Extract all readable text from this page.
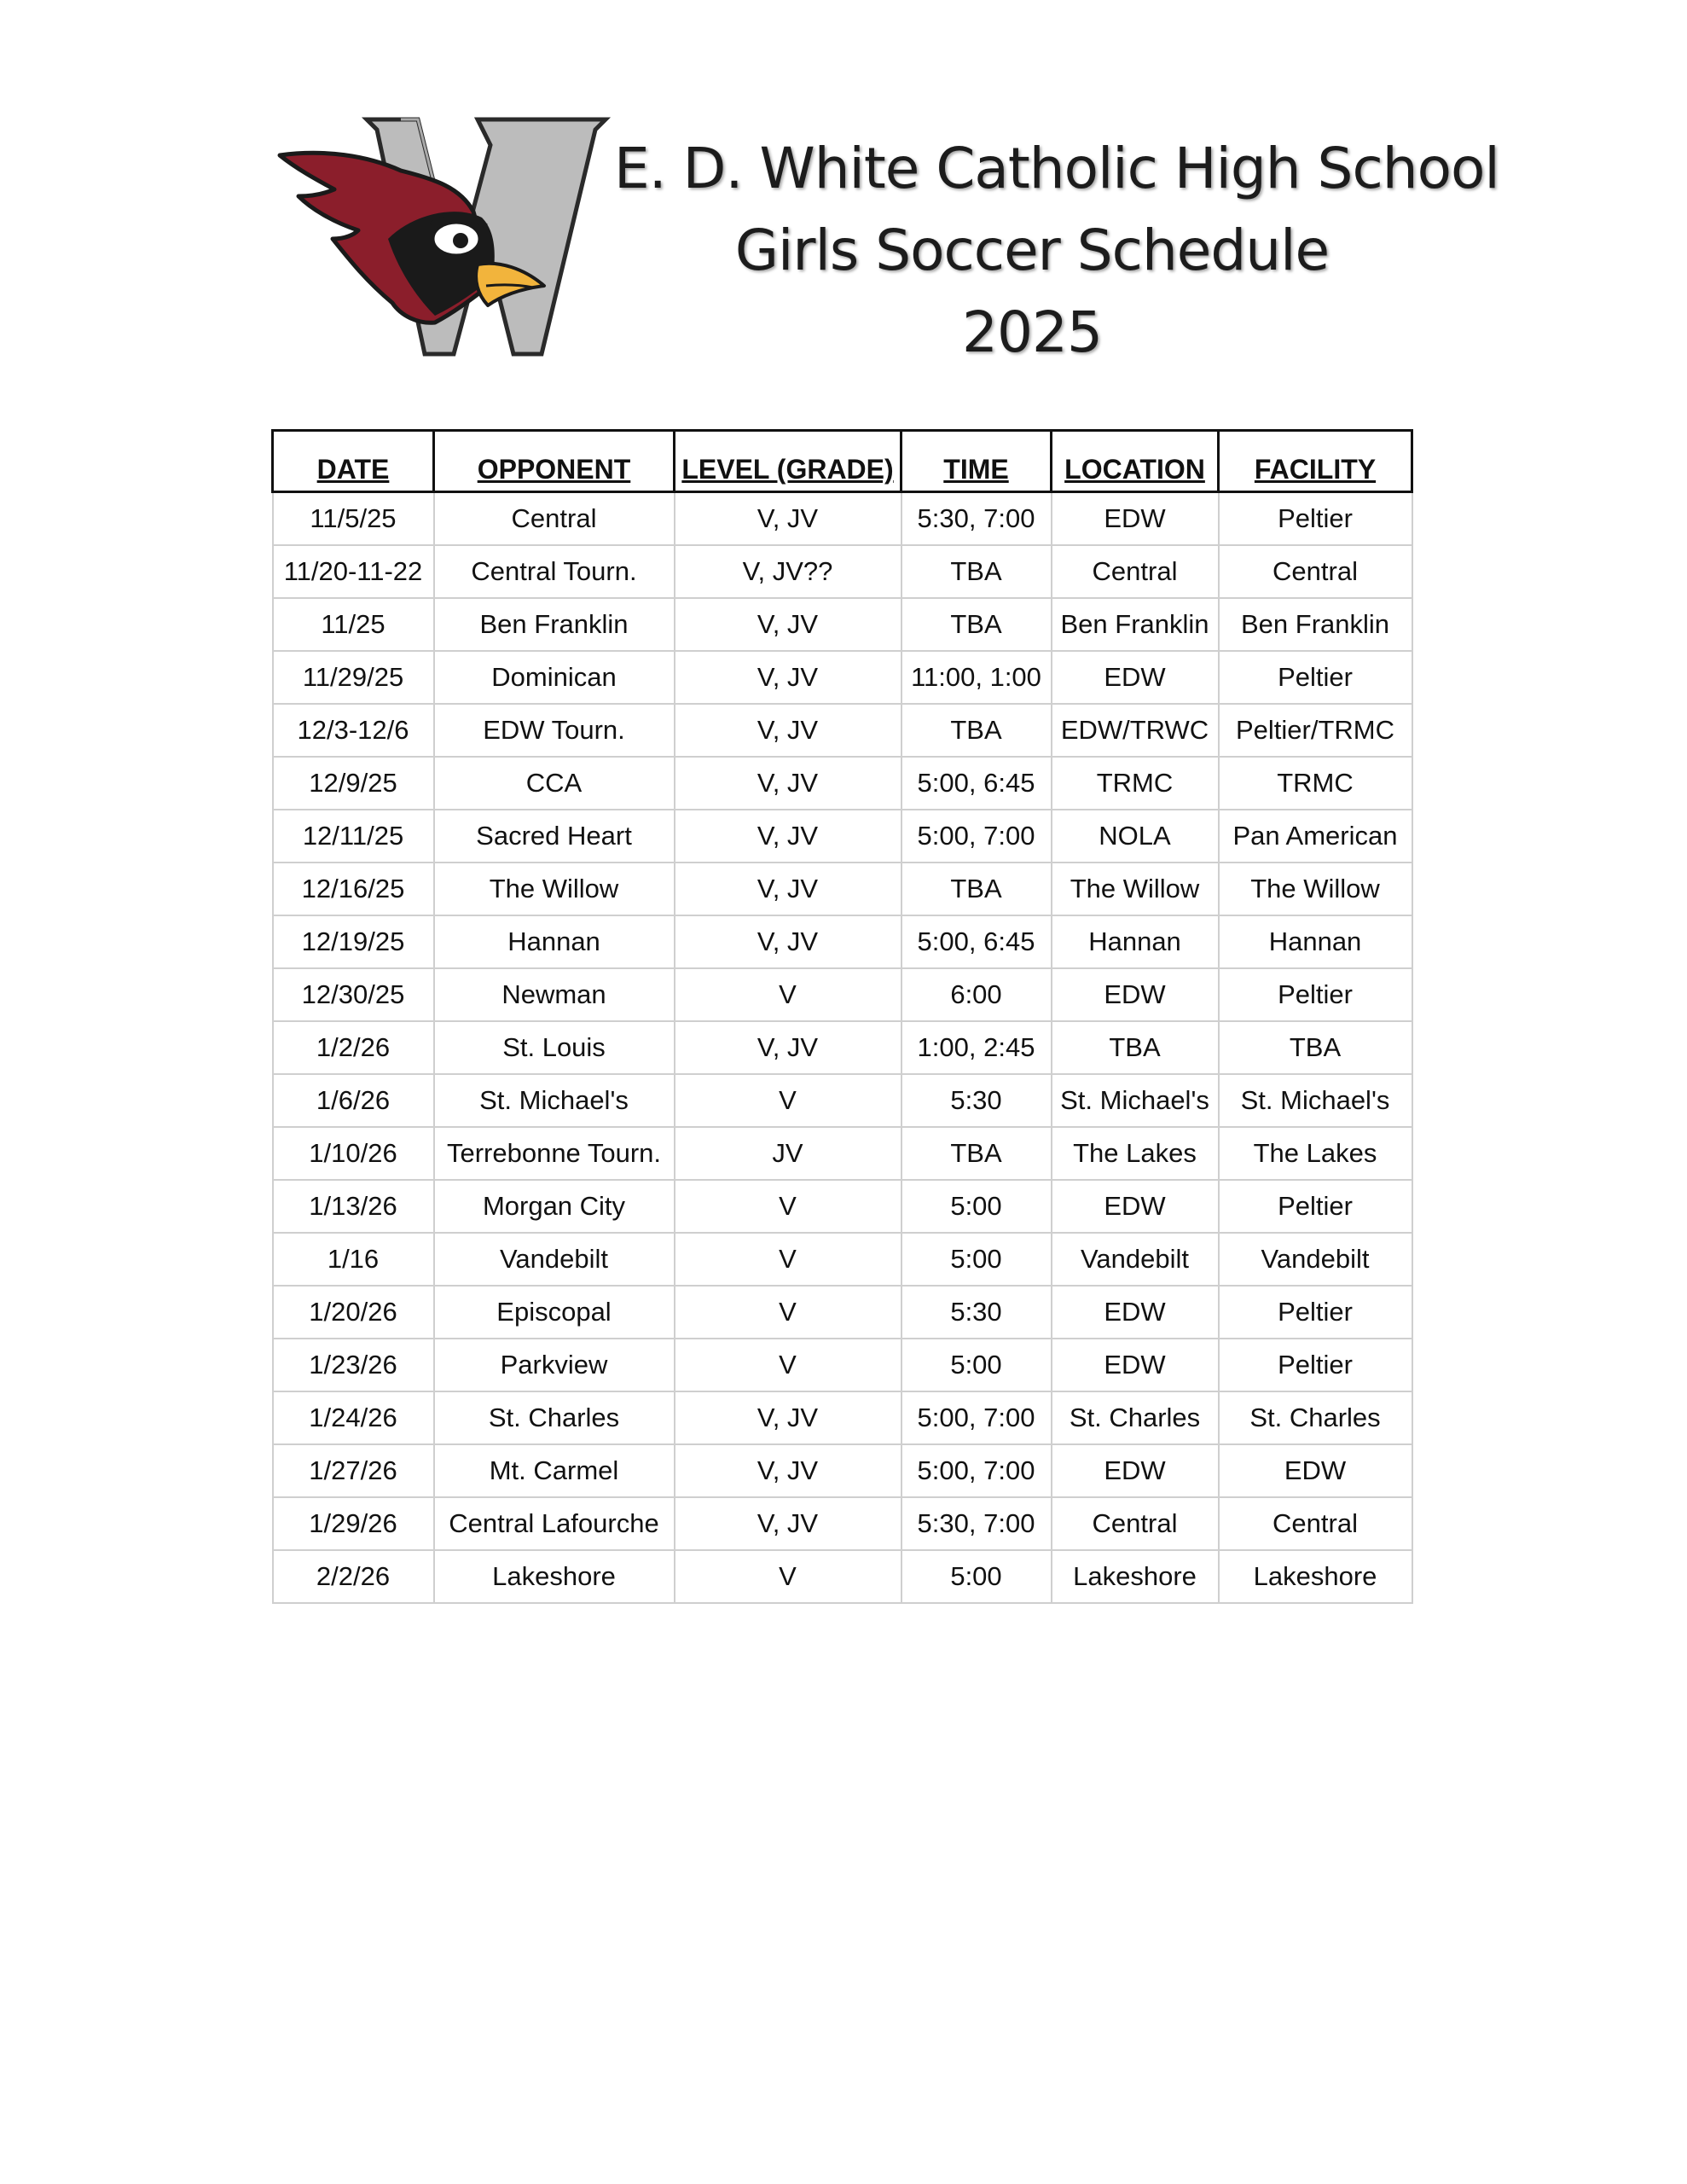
E. D. White Catholic High School
Girls Soccer Schedule
2025
DATE	OPPONENT	LEVEL (GRADE)	TIME	LOCATION	FACILITY
11/5/25	Central	V, JV	5:30, 7:00	EDW	Peltier
11/20-11-22	Central Tourn.	V, JV??	TBA	Central	Central
11/25	Ben Franklin	V, JV	TBA	Ben Franklin	Ben Franklin
11/29/25	Dominican	V, JV	11:00, 1:00	EDW	Peltier
12/3-12/6	EDW Tourn.	V, JV	TBA	EDW/TRWC	Peltier/TRMC
12/9/25	CCA	V, JV	5:00, 6:45	TRMC	TRMC
12/11/25	Sacred Heart	V, JV	5:00, 7:00	NOLA	Pan American
12/16/25	The Willow	V, JV	TBA	The Willow	The Willow
12/19/25	Hannan	V, JV	5:00, 6:45	Hannan	Hannan
12/30/25	Newman	V	6:00	EDW	Peltier
1/2/26	St. Louis	V, JV	1:00, 2:45	TBA	TBA
1/6/26	St. Michael's	V	5:30	St. Michael's	St. Michael's
1/10/26	Terrebonne Tourn.	JV	TBA	The Lakes	The Lakes
1/13/26	Morgan City	V	5:00	EDW	Peltier
1/16	Vandebilt	V	5:00	Vandebilt	Vandebilt
1/20/26	Episcopal	V	5:30	EDW	Peltier
1/23/26	Parkview	V	5:00	EDW	Peltier
1/24/26	St. Charles	V, JV	5:00, 7:00	St. Charles	St. Charles
1/27/26	Mt. Carmel	V, JV	5:00, 7:00	EDW	EDW
1/29/26	Central Lafourche	V, JV	5:30, 7:00	Central	Central
2/2/26	Lakeshore	V	5:00	Lakeshore	Lakeshore
